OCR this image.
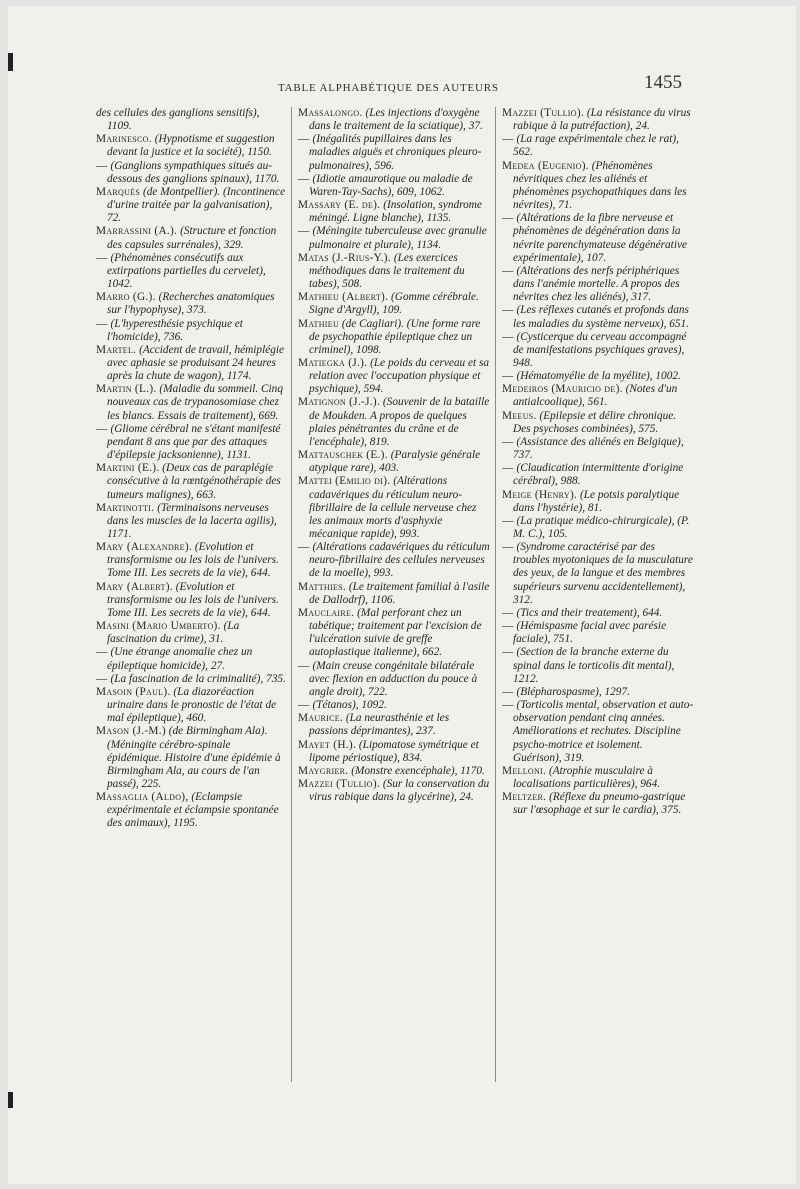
TABLE ALPHABÉTIQUE DES AUTEURS	1455

des cellules des ganglions sensitifs), 1109.

Marinesco. (Hypnotisme et suggestion devant la justice et la société), 1150.

— (Ganglions sympathiques situés au-dessous des ganglions spinaux), 1170.

Marquès (de Montpellier). (Incontinence d'urine traitée par la galvanisation), 72.

Marrassini (A.). (Structure et fonction des capsules surrénales), 329.

— (Phénomènes consécutifs aux extirpations partielles du cervelet), 1042.

Marro (G.). (Recherches anatomiques sur l'hypophyse), 373.

— (L'hyperesthésie psychique et l'homicide), 736.

Martel. (Accident de travail, hémiplégie avec aphasie se produisant 24 heures après la chute de wagon), 1174.

Martin (L.). (Maladie du sommeil. Cinq nouveaux cas de trypanosomiase chez les blancs. Essais de traitement), 669.

— (Gliome cérébral ne s'étant manifesté pendant 8 ans que par des attaques d'épilepsie jacksonienne), 1131.

Martini (E.). (Deux cas de paraplégie consécutive à la rœntgénothérapie des tumeurs malignes), 663.

Martinotti. (Terminaisons nerveuses dans les muscles de la lacerta agilis), 1171.

Mary (Alexandre). (Evolution et transformisme ou les lois de l'univers. Tome III. Les secrets de la vie), 644.

Mary (Albert). (Evolution et transformisme ou les lois de l'univers. Tome III. Les secrets de la vie), 644.

Masini (Mario Umberto). (La fascination du crime), 31.

— (Une étrange anomalie chez un épileptique homicide), 27.

— (La fascination de la criminalité), 735.

Masoin (Paul). (La diazoréaction urinaire dans le pronostic de l'état de mal épileptique), 460.

Mason (J.-M.) (de Birmingham Ala). (Méningite cérébro-spinale épidémique. Histoire d'une épidémie à Birmingham Ala, au cours de l'an passé), 225.

Massaglia (Aldo), (Eclampsie expérimentale et éclampsie spontanée des animaux), 1195.

Massalongo. (Les injections d'oxygène dans le traitement de la sciatique), 37.

— (Inégalités pupillaires dans les maladies aiguës et chroniques pleuro-pulmonaires), 596.

— (Idiotie amaurotique ou maladie de Waren-Tay-Sachs), 609, 1062.

Massary (E. de). (Insolation, syndrome méningé. Ligne blanche), 1135.

— (Méningite tuberculeuse avec granulie pulmonaire et plurale), 1134.

Matas (J.-Rius-Y.). (Les exercices méthodiques dans le traitement du tabes), 508.

Mathieu (Albert). (Gomme cérébrale. Signe d'Argyll), 109.

Mathieu (de Cagliari). (Une forme rare de psychopathie épileptique chez un criminel), 1098.

Matiegka (J.). (Le poids du cerveau et sa relation avec l'occupation physique et psychique), 594.

Matignon (J.-J.). (Souvenir de la bataille de Moukden. A propos de quelques plaies pénétrantes du crâne et de l'encéphale), 819.

Mattauschek (E.). (Paralysie générale atypique rare), 403.

Mattei (Emilio di). (Altérations cadavériques du réticulum neuro-fibrillaire de la cellule nerveuse chez les animaux morts d'asphyxie mécanique rapide), 993.

— (Altérations cadavériques du réticulum neuro-fibrillaire des cellules nerveuses de la moelle), 993.

Matthies. (Le traitement familial à l'asile de Dallodrf), 1106.

Mauclaire. (Mal perforant chez un tabétique; traitement par l'excision de l'ulcération suivie de greffe autoplastique italienne), 662.

— (Main creuse congénitale bilatérale avec flexion en adduction du pouce à angle droit), 722.

— (Tétanos), 1092.

Maurice. (La neurasthénie et les passions déprimantes), 237.

Mayet (H.). (Lipomatose symétrique et lipome périostique), 834.

Maygrier. (Monstre exencéphale), 1170.

Mazzei (Tullio). (Sur la conservation du virus rabique dans la glycérine), 24.

Mazzei (Tullio). (La résistance du virus rabique à la putréfaction), 24.

— (La rage expérimentale chez le rat), 562.

Medea (Eugenio). (Phénomènes névritiques chez les aliénés et phénomènes psychopathiques dans les névrites), 71.

— (Altérations de la fibre nerveuse et phénomènes de dégénération dans la névrite parenchymateuse dégénérative expérimentale), 107.

— (Altérations des nerfs périphériques dans l'anémie mortelle. A propos des névrites chez les aliénés), 317.

— (Les réflexes cutanés et profonds dans les maladies du système nerveux), 651.

— (Cysticerque du cerveau accompagné de manifestations psychiques graves), 948.

— (Hématomyélie de la myélite), 1002.

Medeiros (Mauricio de). (Notes d'un antialcoolique), 561.

Meeus. (Epilepsie et délire chronique. Des psychoses combinées), 575.

— (Assistance des aliénés en Belgique), 737.

— (Claudication intermittente d'origine cérébral), 988.

Meige (Henry). (Le potsis paralytique dans l'hystérie), 81.

— (La pratique médico-chirurgicale), (P. M. C.), 105.

— (Syndrome caractérisé par des troubles myotoniques de la musculature des yeux, de la langue et des membres supérieurs survenu accidentellement), 312.

— (Tics and their treatement), 644.

— (Hémispasme facial avec parésie faciale), 751.

— (Section de la branche externe du spinal dans le torticolis dit mental), 1212.

— (Blépharospasme), 1297.

— (Torticolis mental, observation et auto-observation pendant cinq années. Améliorations et rechutes. Discipline psycho-motrice et isolement. Guérison), 319.

Melloni. (Atrophie musculaire à localisations particulières), 964.

Meltzer. (Réflexe du pneumo-gastrique sur l'œsophage et sur le cardia), 375.
